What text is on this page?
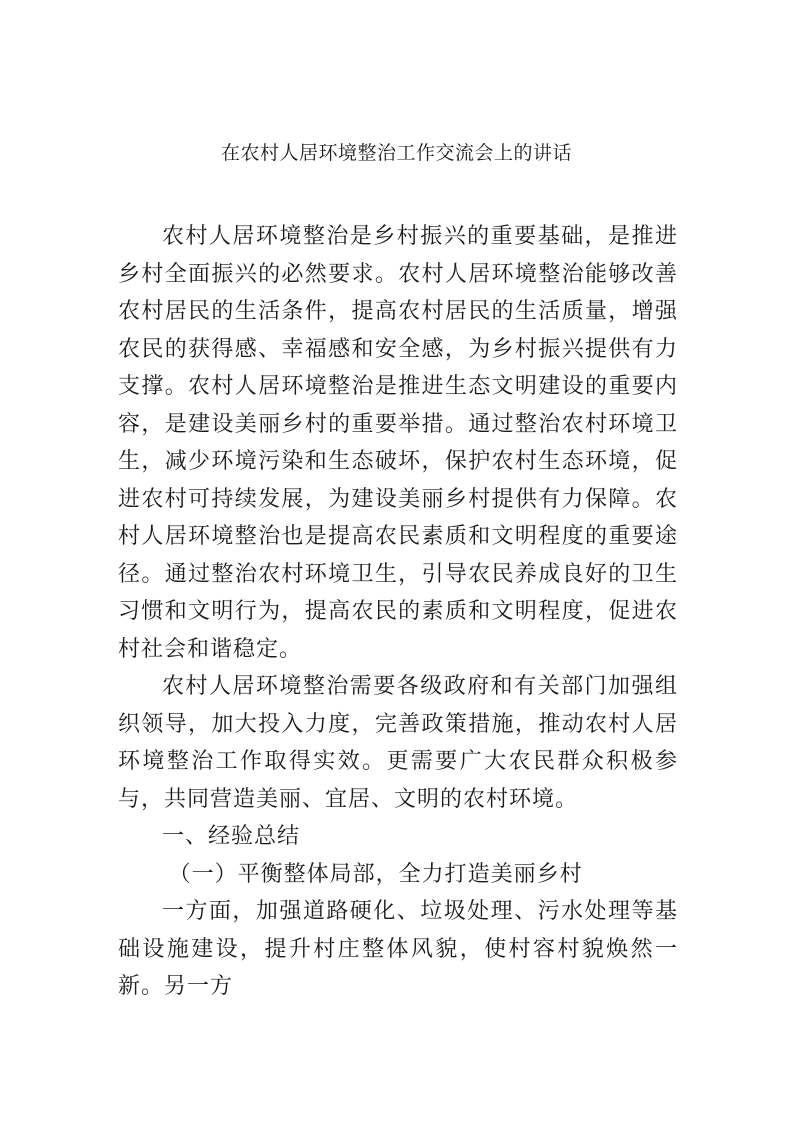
在农村人居环境整治工作交流会上的讲话

农村人居环境整治是乡村振兴的重要基础，是推进乡村全面振兴的必然要求。农村人居环境整治能够改善农村居民的生活条件，提高农村居民的生活质量，增强农民的获得感、幸福感和安全感，为乡村振兴提供有力支撑。农村人居环境整治是推进生态文明建设的重要内容，是建设美丽乡村的重要举措。通过整治农村环境卫生，减少环境污染和生态破坏，保护农村生态环境，促进农村可持续发展，为建设美丽乡村提供有力保障。农村人居环境整治也是提高农民素质和文明程度的重要途径。通过整治农村环境卫生，引导农民养成良好的卫生习惯和文明行为，提高农民的素质和文明程度，促进农村社会和谐稳定。

农村人居环境整治需要各级政府和有关部门加强组织领导，加大投入力度，完善政策措施，推动农村人居环境整治工作取得实效。更需要广大农民群众积极参与，共同营造美丽、宜居、文明的农村环境。

一、经验总结

（一）平衡整体局部，全力打造美丽乡村

一方面，加强道路硬化、垃圾处理、污水处理等基础设施建设，提升村庄整体风貌，使村容村貌焕然一新。另一方
